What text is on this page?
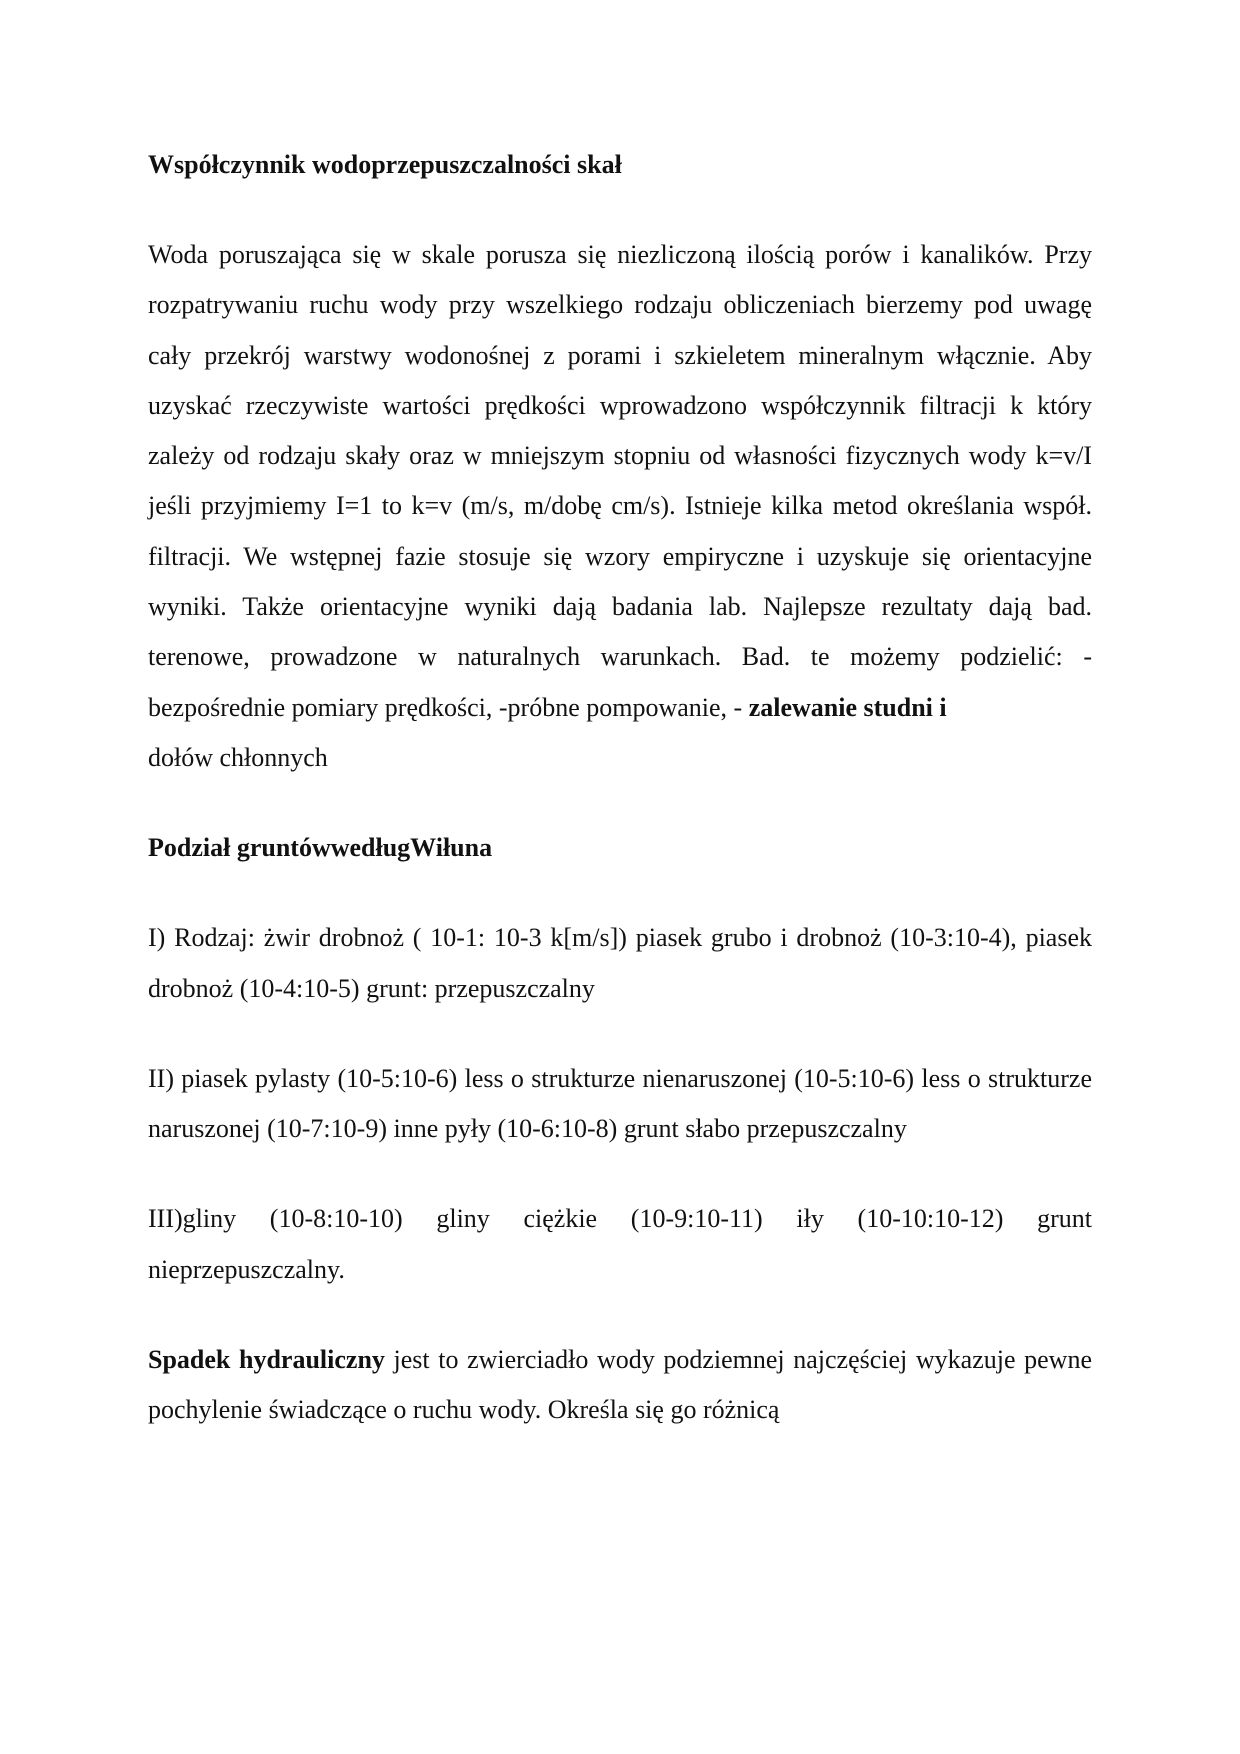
Współczynnik wodoprzepuszczalności skał

Woda poruszająca się w skale porusza się niezliczoną ilością porów i kanalików. Przy rozpatrywaniu ruchu wody przy wszelkiego rodzaju obliczeniach bierzemy pod uwagę cały przekrój warstwy wodonośnej z porami i szkieletem mineralnym włącznie. Aby uzyskać rzeczywiste wartości prędkości wprowadzono współczynnik filtracji k który zależy od rodzaju skały oraz w mniejszym stopniu od własności fizycznych wody k=v/I jeśli przyjmiemy I=1 to k=v (m/s, m/dobę cm/s). Istnieje kilka metod określania współ. filtracji. We wstępnej fazie stosuje się wzory empiryczne i uzyskuje się orientacyjne wyniki. Także orientacyjne wyniki dają badania lab. Najlepsze rezultaty dają bad. terenowe, prowadzone w naturalnych warunkach. Bad. te możemy podzielić: - bezpośrednie pomiary prędkości, -próbne pompowanie, - zalewanie studni i
dołów chłonnych

Podział gruntówwedługWiłuna

I) Rodzaj: żwir drobnoż ( 10-1: 10-3 k[m/s]) piasek grubo i drobnoż (10-3:10-4), piasek drobnoż (10-4:10-5) grunt: przepuszczalny

II) piasek pylasty (10-5:10-6) less o strukturze nienaruszonej (10-5:10-6) less o strukturze naruszonej (10-7:10-9) inne pyły (10-6:10-8) grunt słabo przepuszczalny

III)gliny (10-8:10-10) gliny ciężkie (10-9:10-11) iły (10-10:10-12) grunt nieprzepuszczalny.

Spadek hydrauliczny jest to zwierciadło wody podziemnej najczęściej wykazuje pewne pochylenie świadczące o ruchu wody. Określa się go różnicą
